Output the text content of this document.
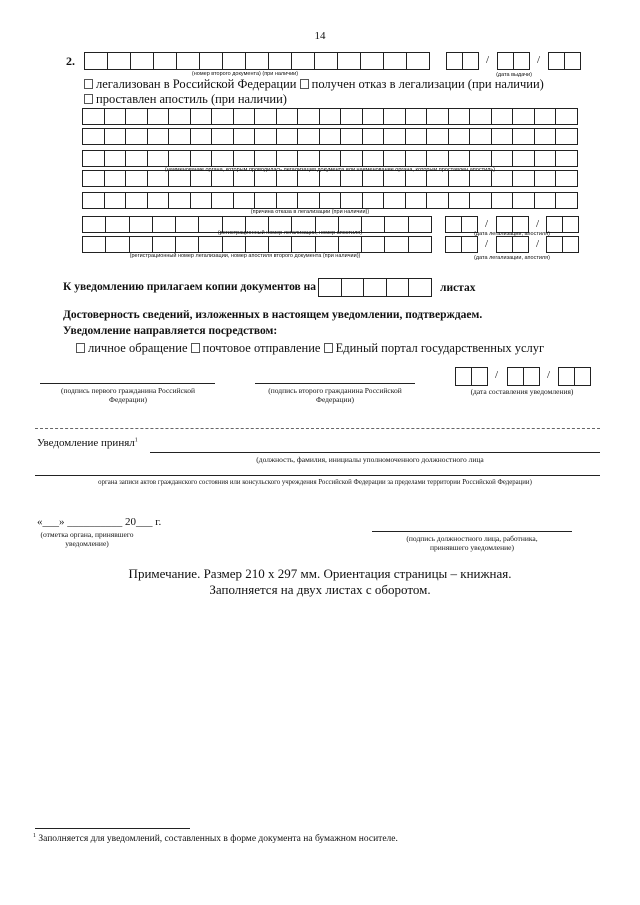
14
2.	/	/
/	/
/	/
/	/
(номер второго документа) (при наличии)	(дата выдачи)
легализован в Российской Федерации получен отказ в легализации (при наличии)
проставлен апостиль (при наличии)
(наименование органа, которым проводилась легализация документа или наименование органа, которым проставлен апостиль)
(причина отказа в легализации (при наличии))
(регистрационный номер легализации, номер апостиля)	(дата легализации, апостиля)
(регистрационный номер легализации, номер апостиля второго документа (при наличии))	(дата легализации, апостиля)
К уведомлению прилагаем копии документов на	листах
Достоверность сведений, изложенных в настоящем уведомлении, подтверждаем.
Уведомление направляется посредством:
личное обращение почтовое отправление Единый портал государственных услуг
(подпись первого гражданина Российской Федерации)
(подпись второго гражданина Российской Федерации)
(дата составления уведомления)
Уведомление принял$^1$
(должность, фамилия, инициалы уполномоченного должностного лица
органа записи актов гражданского состояния или консульского учреждения Российской Федерации за пределами территории Российской Федерации)
«___» __________ 20___ г.
(отметка органа, принявшего уведомление)
(подпись должностного лица, работника, принявшего уведомление)
Примечание. Размер 210 х 297 мм. Ориентация страницы – книжная.
Заполняется на двух листах с оборотом.
$^1$ Заполняется для уведомлений, составленных в форме документа на бумажном носителе.
